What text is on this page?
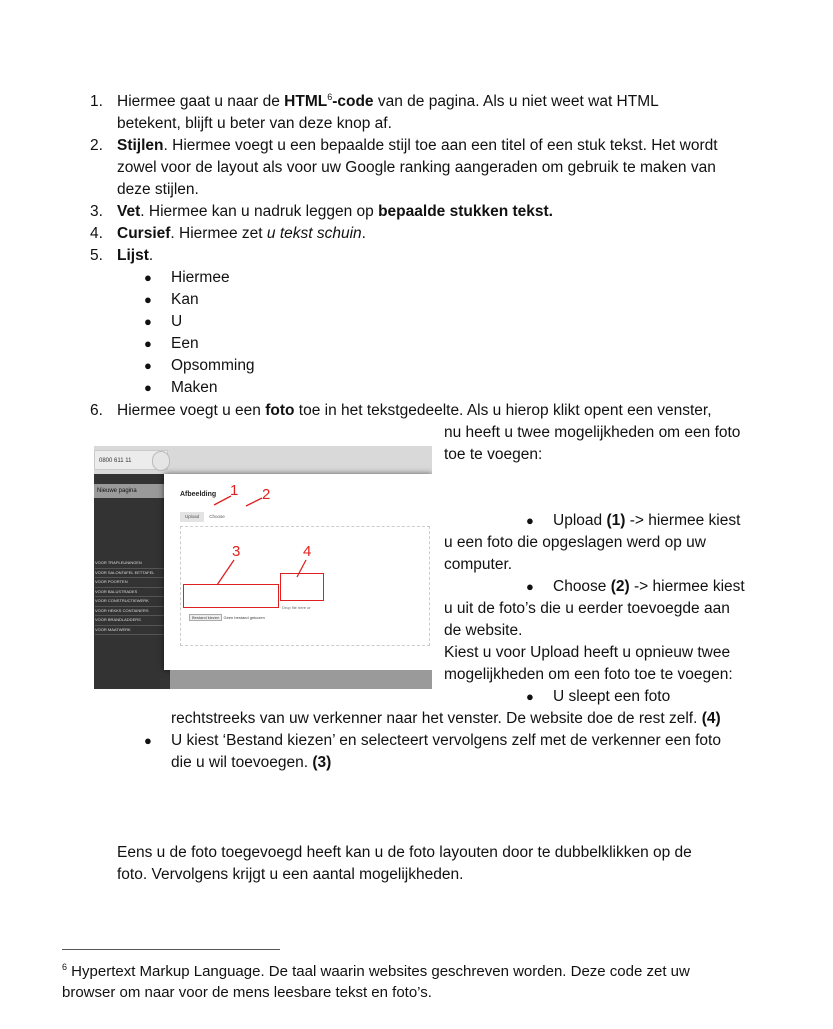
1. Hiermee gaat u naar de HTML$^6$-code van de pagina. Als u niet weet wat HTML
betekent, blijft u beter van deze knop af.
2. Stijlen. Hiermee voegt u een bepaalde stijl toe aan een titel of een stuk tekst. Het wordt
zowel voor de layout als voor uw Google ranking aangeraden om gebruik te maken van
deze stijlen.
3. Vet. Hiermee kan u nadruk leggen op bepaalde stukken tekst.
4. Cursief. Hiermee zet u tekst schuin.
5. Lijst.
● Hiermee
● Kan
● U
● Een
● Opsomming
● Maken
6. Hiermee voegt u een foto toe in het tekstgedeelte. Als u hierop klikt opent een venster,
nu heeft u twee mogelijkheden om een foto
toe te voegen:
● Upload (1) -> hiermee kiest
u een foto die opgeslagen werd op uw
computer.
● Choose (2) -> hiermee kiest
u uit de foto’s die u eerder toevoegde aan
de website.
Kiest u voor Upload heeft u opnieuw twee
mogelijkheden om een foto toe te voegen:
● U sleept een foto
rechtstreeks van uw verkenner naar het venster. De website doe de rest zelf. (4)
● U kiest ‘Bestand kiezen’ en selecteert vervolgens zelf met de verkenner een foto
die u wil toevoegen. (3)
Eens u de foto toegevoegd heeft kan u de foto layouten door te dubbelklikken op de
foto. Vervolgens krijgt u een aantal mogelijkheden.
0800 611 11
Nieuwe pagina
VOOR TRAPLEUNINGEN
VOOR SALONTAFEL EETTAFEL
VOOR POORTEN
VOOR BALUSTRADES
VOOR CONSTRUCTIEWERK
VOOR HEKKS CONTAINERS
VOOR BRANDLADDERS
VOOR MAATWERK
Afbeelding
Upload	Choose
Bestand kiezen Geen bestand gekozen
Drop file here or
1 2
3	4
$^6$ Hypertext Markup Language. De taal waarin websites geschreven worden. Deze code zet uw
browser om naar voor de mens leesbare tekst en foto’s.
